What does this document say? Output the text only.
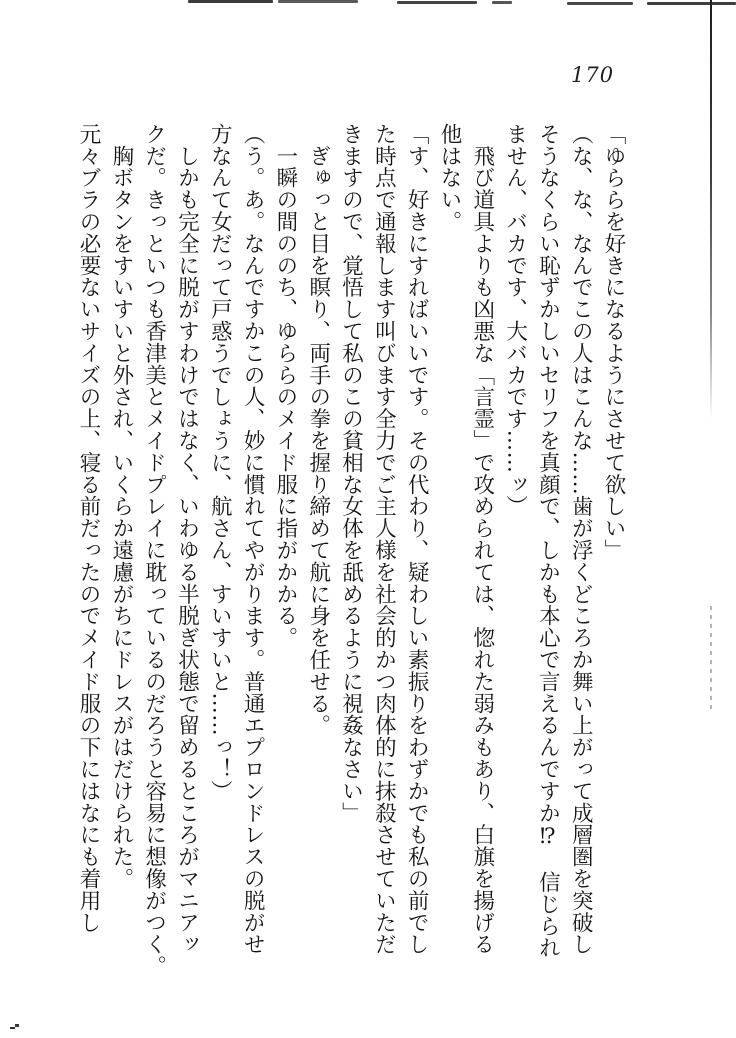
170
「ゆららを好きになるようにさせて欲しい」
（な、な、なんでこの人はこんな……歯が浮くどころか舞い上がって成層圏を突破し
そうなくらい恥ずかしいセリフを真顔で、しかも本心で言えるんですか⁉　信じられ
ません、バカです、大バカです……ッ）
　飛び道具よりも凶悪な「言霊」で攻められては、惚れた弱みもあり、白旗を揚げる
他はない。
「す、好きにすればいいです。その代わり、疑わしい素振りをわずかでも私の前でし
た時点で通報します叫びます全力でご主人様を社会的かつ肉体的に抹殺させていただ
きますので、覚悟して私のこの貧相な女体を舐めるように視姦なさい」
　ぎゅっと目を瞑り、両手の拳を握り締めて航に身を任せる。
　一瞬の間ののち、ゆららのメイド服に指がかかる。
（う。あ。なんですかこの人、妙に慣れてやがります。普通エプロンドレスの脱がせ
方なんて女だって戸惑うでしょうに、航さん、すいすいと……っ！）
　しかも完全に脱がすわけではなく、いわゆる半脱ぎ状態で留めるところがマニアッ
クだ。きっといつも香津美とメイドプレイに耽っているのだろうと容易に想像がつく。
　胸ボタンをすいすいと外され、いくらか遠慮がちにドレスがはだけられた。
元々ブラの必要ないサイズの上、寝る前だったのでメイド服の下にはなにも着用し
